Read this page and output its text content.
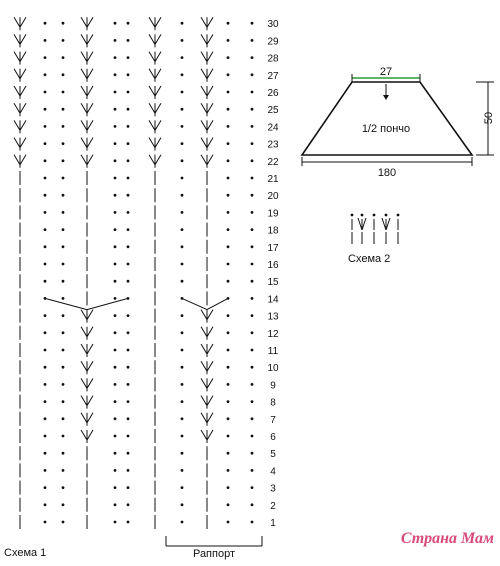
1
2
3
4
5
6
7
8
9
10
11
12
13
14
15
16
17
18
19
20
21
22
23
24
25
26
27
28
29
30
Раппорт
Схема 1
27
1/2 пончо
180
50
Схема 2
Страна Мам
